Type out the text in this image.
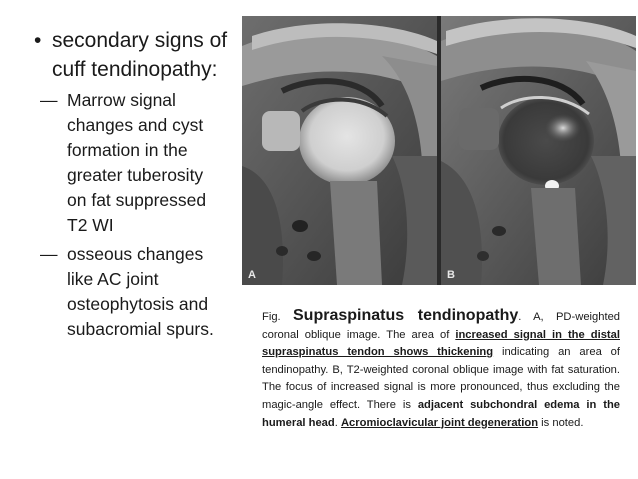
• secondary signs of
cuff tendinopathy:
— Marrow signal
changes and cyst
formation in the
greater tuberosity
on fat suppressed
T2 WI
— osseous changes
like AC joint
osteophytosis and
subacromial spurs.
A	B
Fig. Supraspinatus tendinopathy. A, PD-weighted coronal oblique image. The area of increased signal in the distal supraspinatus tendon shows thickening indicating an area of tendinopathy. B, T2-weighted coronal oblique image with fat saturation. The focus of increased signal is more pronounced, thus excluding the magic-angle effect. There is adjacent subchondral edema in the humeral head. Acromioclavicular joint degeneration is noted.
